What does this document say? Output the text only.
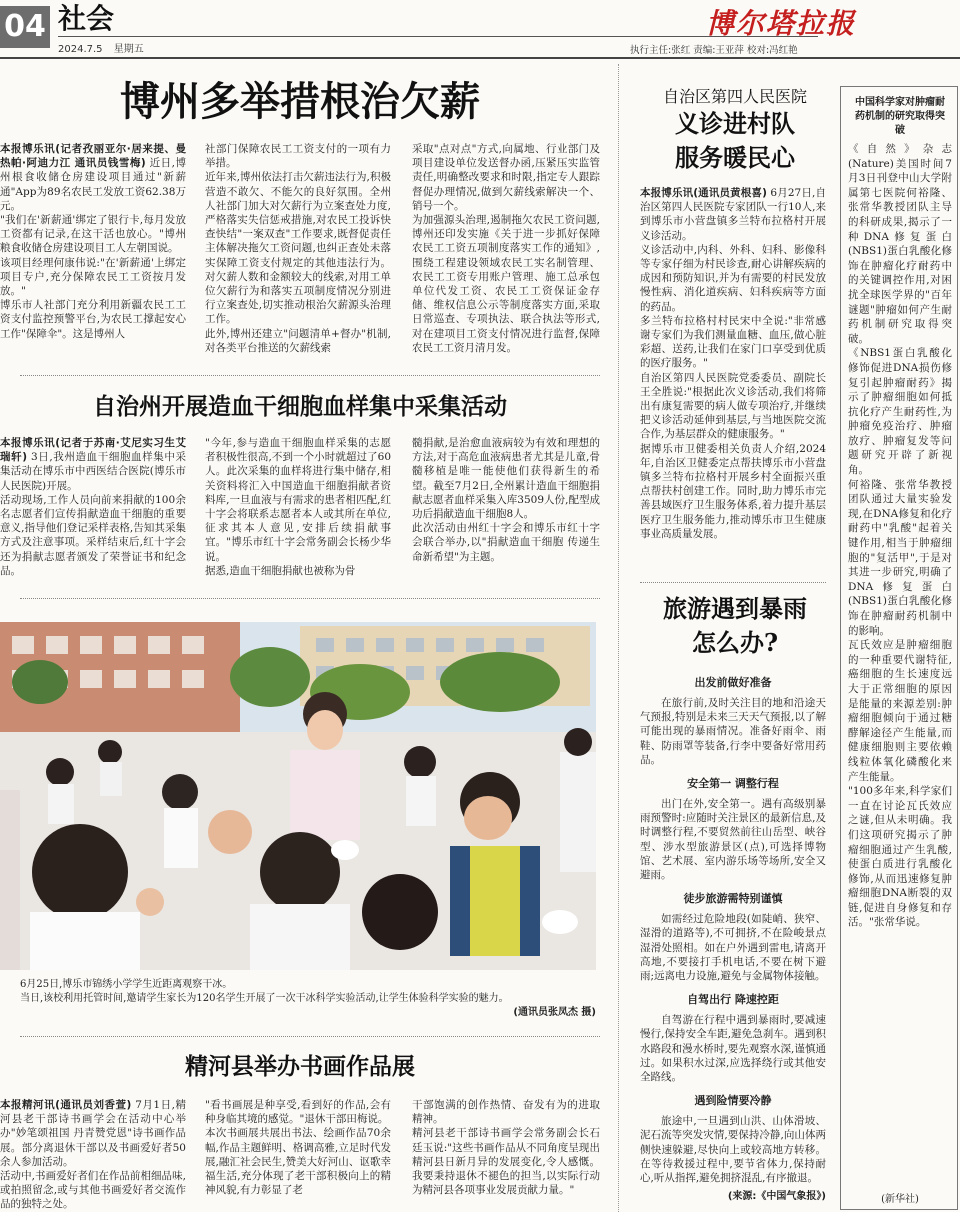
04 社会
2024.7.5 星期五
博尔塔拉报
执行主任:张红 责编:王亚萍 校对:冯红艳
博州多举措根治欠薪
本报博乐讯(记者孜丽亚尔·居来提、曼热帕·阿迪力江 通讯员钱雪梅) 近日,博州根食收储仓房建设项目通过"新薪通"App为89名农民工发放工资62.38万元。
"我们在'新薪通'绑定了银行卡,每月发放工资都有记录,在这干活也放心。"博州粮食收储仓房建设项目工人左朝国说。
该项目经理何康伟说:"在'新薪通'上绑定项目专户,充分保障农民工工资按月发放。"
博乐市人社部门充分利用新疆农民工工资支付监控预警平台,为农民工撑起安心工作"保障伞"。这是博州人
社部门保障农民工工资支付的一项有力举措。
近年来,博州依法打击欠薪违法行为,积极营造不敢欠、不能欠的良好氛围。全州人社部门加大对欠薪行为立案查处力度,严格落实失信惩戒措施,对农民工投诉快查快结"一案双查"工作要求,既督促责任主体解决拖欠工资问题,也纠正查处未落实保障工资支付规定的其他违法行为。对欠薪人数和金额较大的线索,对用工单位欠薪行为和落实五项制度情况分别进行立案查处,切实推动根治欠薪源头治理工作。
此外,博州还建立"问题清单+督办"机制,对各类平台推送的欠薪线索
采取"点对点"方式,向属地、行业部门及项目建设单位发送督办函,压紧压实监管责任,明确整改要求和时限,指定专人跟踪督促办理情况,做到欠薪线索解决一个、销号一个。
为加强源头治理,遏制拖欠农民工资问题,博州还印发实施《关于进一步抓好保障农民工工资五项制度落实工作的通知》,围绕工程建设领域农民工实名制管理、农民工工资专用账户管理、施工总承包单位代发工资、农民工工资保证金存储、维权信息公示等制度落实方面,采取日常巡查、专项执法、联合执法等形式,对在建项目工资支付情况进行监督,保障农民工工资月清月发。
自治州开展造血干细胞血样集中采集活动
本报博乐讯(记者于苏南·艾尼实习生艾瑞轩) 3日,我州造血干细胞血样集中采集活动在博乐市中西医结合医院(博乐市人民医院)开展。
活动现场,工作人员向前来捐献的100余名志愿者们宣传捐献造血干细胞的重要意义,指导他们登记采样表格,告知其采集方式及注意事项。采样结束后,红十字会还为捐献志愿者颁发了荣誉证书和纪念品。
"今年,参与造血干细胞血样采集的志愿者积极性很高,不到一个小时就超过了60人。此次采集的血样将进行集中储存,相关资料将汇入中国造血干细胞捐献者资料库,一旦血液与有需求的患者相匹配,红十字会将联系志愿者本人或其所在单位,征求其本人意见,安排后续捐献事宜。"博乐市红十字会常务副会长杨少华说。
据悉,造血干细胞捐献也被称为骨
髓捐献,是治愈血液病较为有效和理想的方法,对于高危血液病患者尤其是儿童,骨髓移植是唯一能使他们获得新生的希望。截至7月2日,全州累计造血干细胞捐献志愿者血样采集入库3509人份,配型成功后捐献造血干细胞8人。
此次活动由州红十字会和博乐市红十字会联合举办,以"捐献造血干细胞 传递生命新希望"为主题。
6月25日,博乐市锦绣小学学生近距离观察干冰。
当日,该校利用托管时间,邀请学生家长为120名学生开展了一次干冰科学实验活动,让学生体验科学实验的魅力。
(通讯员张凤杰 摄)
精河县举办书画作品展
本报精河讯(通讯员刘香萱) 7月1日,精河县老干部诗书画学会在活动中心举办"妙笔颂祖国 丹青赞党恩"诗书画作品展。部分离退休干部以及书画爱好者50余人参加活动。
活动中,书画爱好者们在作品前相细品味,或拍照留念,或与其他书画爱好者交流作品的独特之处。
"看书画展是种享受,看到好的作品,会有种身临其境的感觉。"退休干部田梅说。
本次书画展共展出书法、绘画作品70余幅,作品主题鲜明、格调高雅,立足时代发展,融汇社会民生,赞美大好河山、讴歌幸福生活,充分体现了老干部积极向上的精神风貌,有力彰显了老
干部饱满的创作热情、奋发有为的进取精神。
精河县老干部诗书画学会常务副会长石廷玉说:"这些书画作品从不同角度呈现出精河县日新月异的发展变化,令人感慨。我要秉持退休不褪色的担当,以实际行动为精河县各项事业发展贡献力量。"
自治区第四人民医院
义诊进村队
服务暖民心
本报博乐讯(通讯员黄根喜) 6月27日,自治区第四人民医院专家团队一行10人,来到博乐市小营盘镇多兰特布拉格村开展义诊活动。
义诊活动中,内科、外科、妇科、影像科等专家仔细为村民诊查,耐心讲解疾病的成因和预防知识,并为有需要的村民发放慢性病、消化道疾病、妇科疾病等方面的药品。
多兰特布拉格村村民宋中全说:"非常感谢专家们为我们测量血糖、血压,做心脏彩超、送药,让我们在家门口享受到优质的医疗服务。"
自治区第四人民医院党委委员、副院长王全胜说:"根据此次义诊活动,我们将筛出有康复需要的病人做专项治疗,并继续把义诊活动延伸到基层,与当地医院交流合作,为基层群众的健康服务。"
据博乐市卫健委相关负责人介绍,2024年,自治区卫健委定点帮扶博乐市小营盘镇多兰特布拉格村开展乡村全面振兴重点帮扶村创建工作。同时,助力博乐市完善县域医疗卫生服务体系,着力提升基层医疗卫生服务能力,推动博乐市卫生健康事业高质量发展。
旅游遇到暴雨
怎么办?
出发前做好准备

在旅行前,及时关注目的地和沿途天气预报,特别是未来三天天气预报,以了解可能出现的暴雨情况。准备好雨伞、雨鞋、防雨罩等装备,行李中要备好常用药品。

安全第一 调整行程

出门在外,安全第一。遇有高级别暴雨预警时:应随时关注景区的最新信息,及时调整行程,不要贸然前往山岳型、峡谷型、涉水型旅游景区(点),可选择博物馆、艺术展、室内游乐场等场所,安全又避雨。

徒步旅游需特别谨慎

如需经过危险地段(如陡峭、狭窄、湿滑的道路等),不可拥挤,不在险峻景点湿滑处照相。如在户外遇到雷电,请离开高地,不要接打手机电话,不要在树下避雨;远离电力设施,避免与金属物体接触。

自驾出行 降速控距

自驾游在行程中遇到暴雨时,要减速慢行,保持安全车距,避免急刹车。遇到积水路段和漫水桥时,要先观察水深,谨慎通过。如果积水过深,应选择绕行或其他安全路线。

遇到险情要冷静

旅途中,一旦遇到山洪、山体滑坡、泥石流等突发灾情,要保持冷静,向山体两侧快速躲避,尽快向上或较高地方转移。在等待救援过程中,要节省体力,保持耐心,听从指挥,避免拥挤混乱,有序撤退。

(来源:《中国气象报》)
中国科学家对肿瘤耐药机制的研究取得突破
《自然》杂志(Nature)美国时间7月3日刊登中山大学附属第七医院何裕隆、张常华教授团队主导的科研成果,揭示了一种DNA修复蛋白(NBS1)蛋白乳酸化修饰在肿瘤化疗耐药中的关键调控作用,对困扰全球医学界的"百年谜题"肿瘤如何产生耐药机制研究取得突破。
《NBS1蛋白乳酸化修饰促进DNA损伤修复引起肿瘤耐药》揭示了肿瘤细胞如何抵抗化疗产生耐药性,为肿瘤免疫治疗、肿瘤放疗、肿瘤复发等问题研究开辟了新视角。
何裕隆、张常华教授团队通过大量实验发现,在DNA修复和化疗耐药中"乳酸"起着关键作用,相当于肿瘤细胞的"复活甲",于是对其进一步研究,明确了DNA修复蛋白(NBS1)蛋白乳酸化修饰在肿瘤耐药机制中的影响。
瓦氏效应是肿瘤细胞的一种重要代谢特征,癌细胞的生长速度远大于正常细胞的原因是能量的来源差别:肿瘤细胞倾向于通过糖酵解途径产生能量,而健康细胞则主要依赖线粒体氧化磷酸化来产生能量。
"100多年来,科学家们一直在讨论瓦氏效应之谜,但从未明确。我们这项研究揭示了肿瘤细胞通过产生乳酸,使蛋白质进行乳酸化修饰,从而迅速修复肿瘤细胞DNA断裂的双链,促进自身修复和存活。"张常华说。
(新华社)
